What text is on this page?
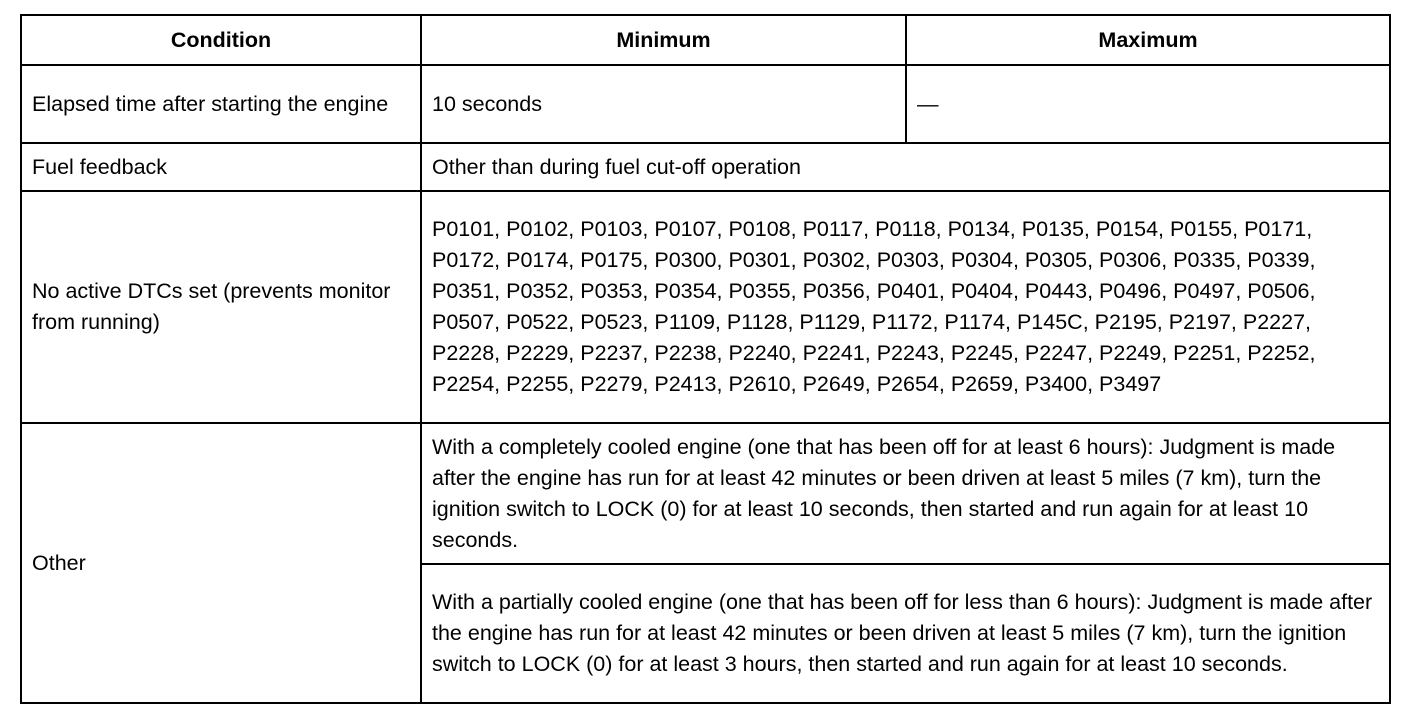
Condition	Minimum	Maximum
Elapsed time after starting the engine	10 seconds	—
Fuel feedback	Other than during fuel cut-off operation	
No active DTCs set (prevents monitor from running)	P0101, P0102, P0103, P0107, P0108, P0117, P0118, P0134, P0135, P0154, P0155, P0171, P0172, P0174, P0175, P0300, P0301, P0302, P0303, P0304, P0305, P0306, P0335, P0339, P0351, P0352, P0353, P0354, P0355, P0356, P0401, P0404, P0443, P0496, P0497, P0506, P0507, P0522, P0523, P1109, P1128, P1129, P1172, P1174, P145C, P2195, P2197, P2227, P2228, P2229, P2237, P2238, P2240, P2241, P2243, P2245, P2247, P2249, P2251, P2252, P2254, P2255, P2279, P2413, P2610, P2649, P2654, P2659, P3400, P3497	
Other	With a completely cooled engine (one that has been off for at least 6 hours): Judgment is made after the engine has run for at least 42 minutes or been driven at least 5 miles (7 km), turn the ignition switch to LOCK (0) for at least 10 seconds, then started and run again for at least 10 seconds.	
	With a partially cooled engine (one that has been off for less than 6 hours): Judgment is made after the engine has run for at least 42 minutes or been driven at least 5 miles (7 km), turn the ignition switch to LOCK (0) for at least 3 hours, then started and run again for at least 10 seconds.	
